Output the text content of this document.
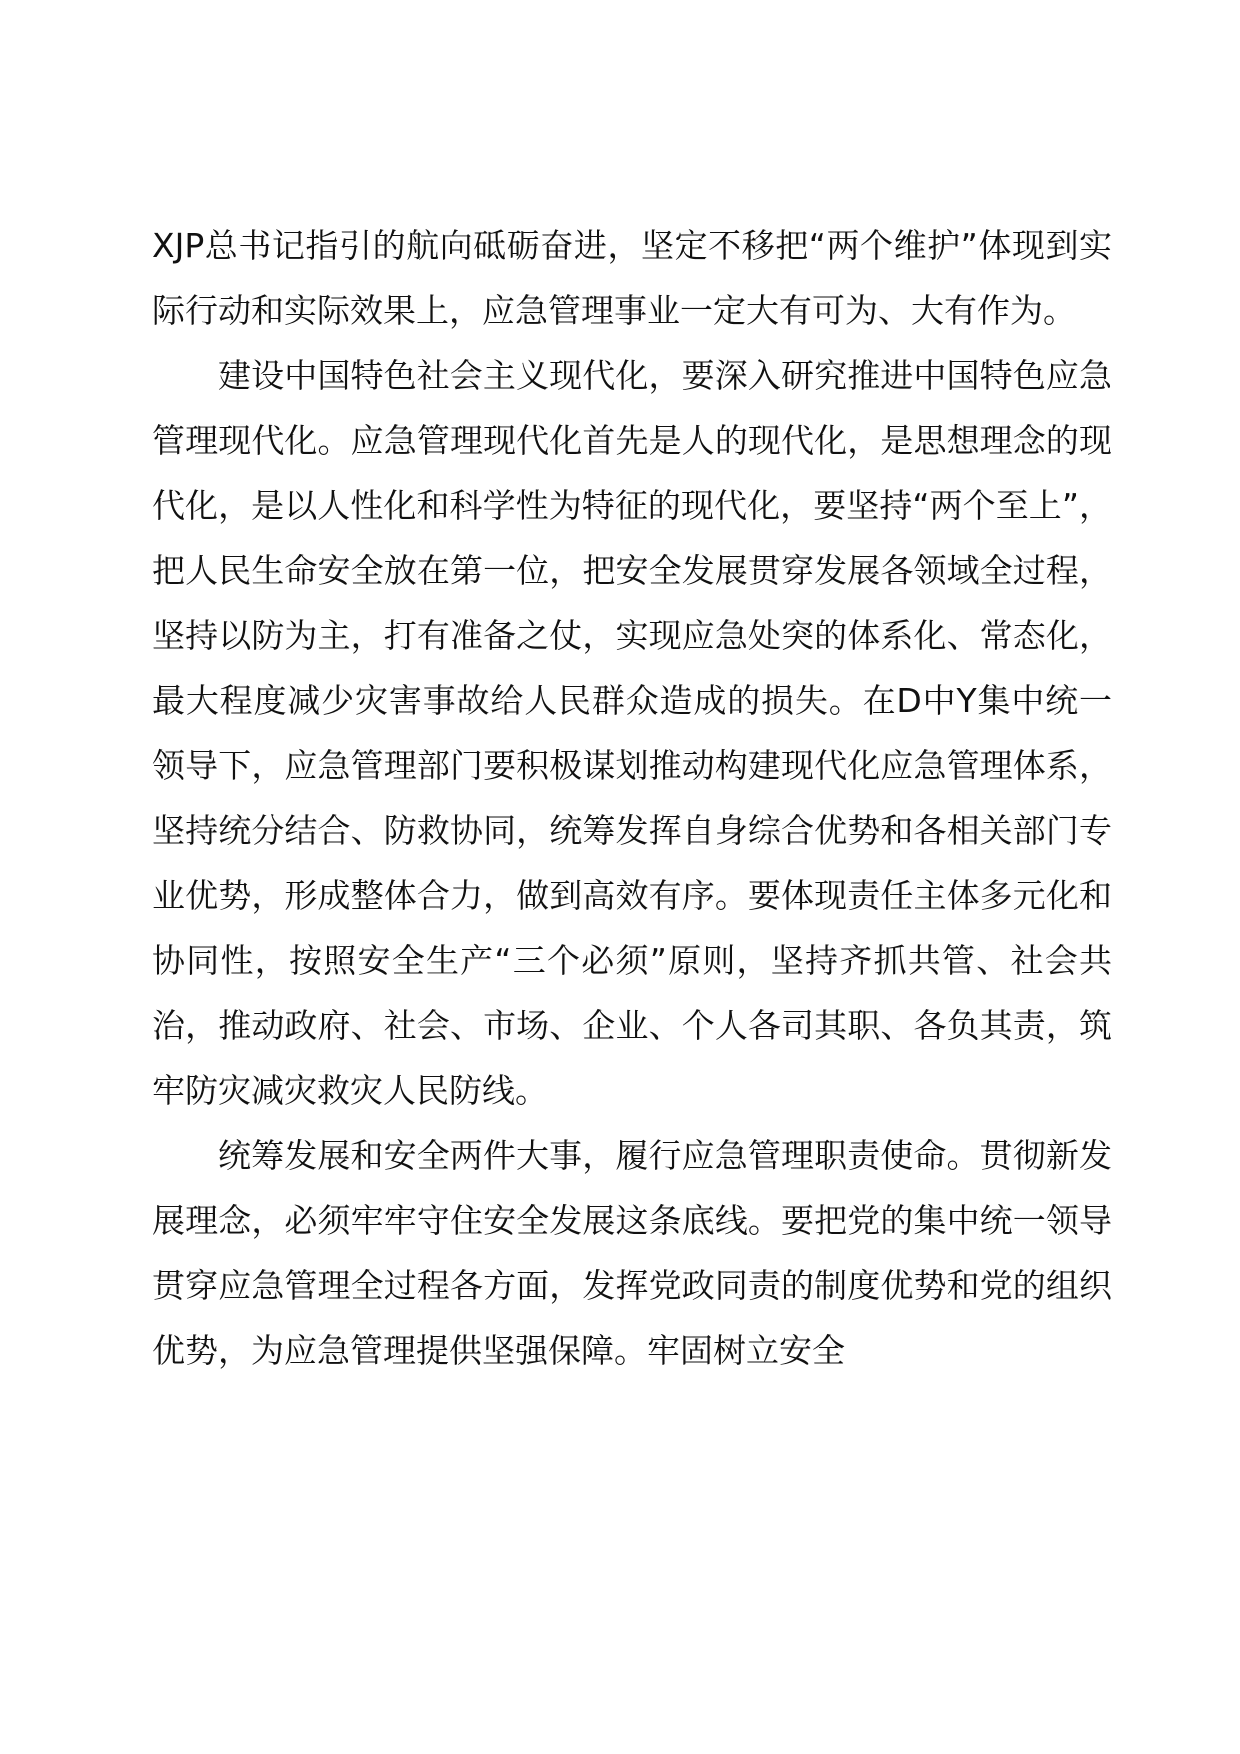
XJP总书记指引的航向砥砺奋进，坚定不移把“两个维护”体现到实际行动和实际效果上，应急管理事业一定大有可为、大有作为。

建设中国特色社会主义现代化，要深入研究推进中国特色应急管理现代化。应急管理现代化首先是人的现代化，是思想理念的现代化，是以人性化和科学性为特征的现代化，要坚持“两个至上”，把人民生命安全放在第一位，把安全发展贯穿发展各领域全过程，坚持以防为主，打有准备之仗，实现应急处突的体系化、常态化，最大程度减少灾害事故给人民群众造成的损失。在D中Y集中统一领导下，应急管理部门要积极谋划推动构建现代化应急管理体系，坚持统分结合、防救协同，统筹发挥自身综合优势和各相关部门专业优势，形成整体合力，做到高效有序。要体现责任主体多元化和协同性，按照安全生产“三个必须”原则，坚持齐抓共管、社会共治，推动政府、社会、市场、企业、个人各司其职、各负其责，筑牢防灾减灾救灾人民防线。

统筹发展和安全两件大事，履行应急管理职责使命。贯彻新发展理念，必须牢牢守住安全发展这条底线。要把党的集中统一领导贯穿应急管理全过程各方面，发挥党政同责的制度优势和党的组织优势，为应急管理提供坚强保障。牢固树立安全
